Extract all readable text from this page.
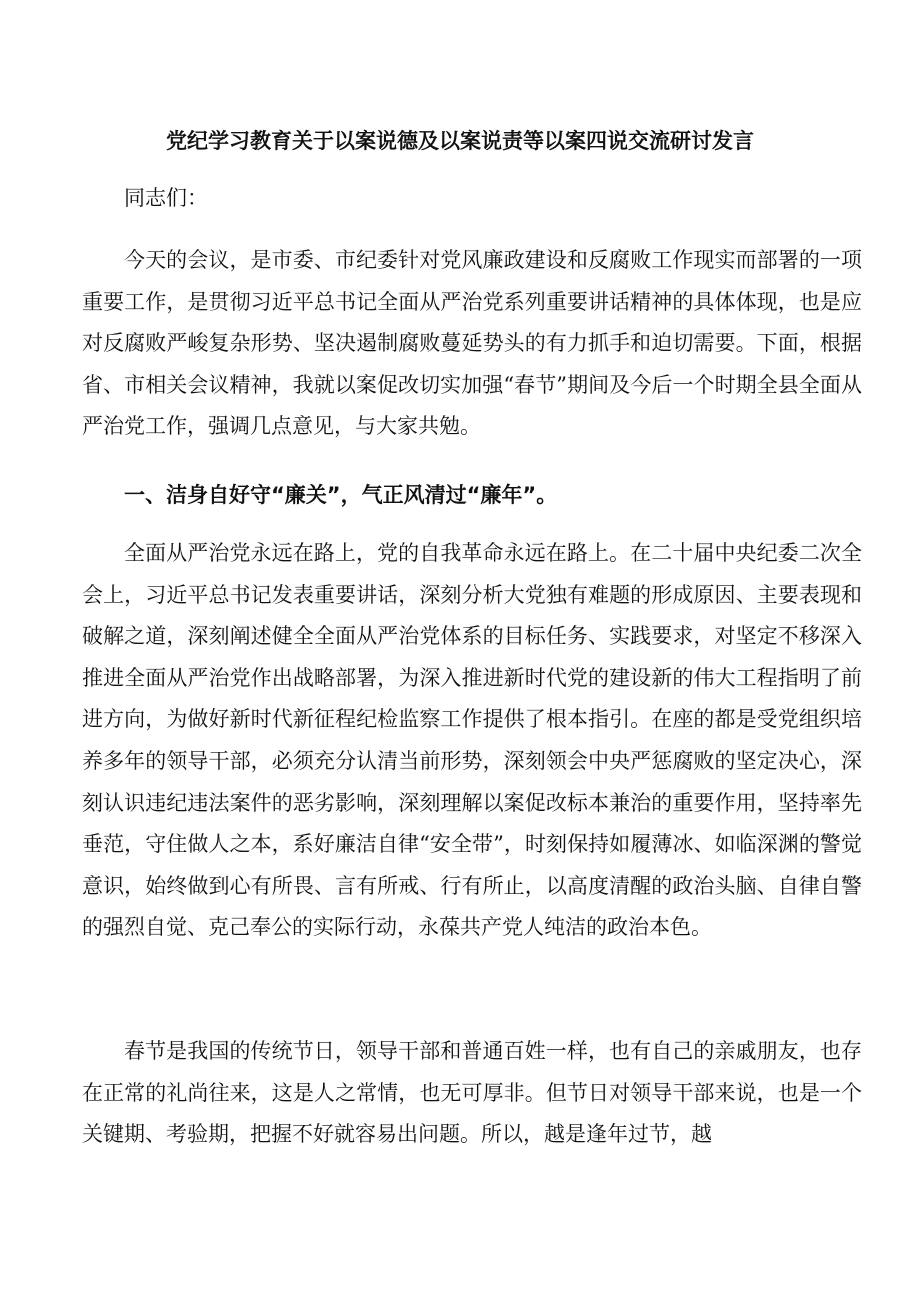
党纪学习教育关于以案说德及以案说责等以案四说交流研讨发言
同志们：

今天的会议，是市委、市纪委针对党风廉政建设和反腐败工作现实而部署的一项重要工作，是贯彻习近平总书记全面从严治党系列重要讲话精神的具体体现，也是应对反腐败严峻复杂形势、坚决遏制腐败蔓延势头的有力抓手和迫切需要。下面，根据省、市相关会议精神，我就以案促改切实加强“春节”期间及今后一个时期全县全面从严治党工作，强调几点意见，与大家共勉。

一、洁身自好守“廉关”，气正风清过“廉年”。

全面从严治党永远在路上，党的自我革命永远在路上。在二十届中央纪委二次全会上，习近平总书记发表重要讲话，深刻分析大党独有难题的形成原因、主要表现和破解之道，深刻阐述健全全面从严治党体系的目标任务、实践要求，对坚定不移深入推进全面从严治党作出战略部署，为深入推进新时代党的建设新的伟大工程指明了前进方向，为做好新时代新征程纪检监察工作提供了根本指引。在座的都是受党组织培养多年的领导干部，必须充分认清当前形势，深刻领会中央严惩腐败的坚定决心，深刻认识违纪违法案件的恶劣影响，深刻理解以案促改标本兼治的重要作用，坚持率先垂范，守住做人之本，系好廉洁自律“安全带”，时刻保持如履薄冰、如临深渊的警觉意识，始终做到心有所畏、言有所戒、行有所止，以高度清醒的政治头脑、自律自警的强烈自觉、克己奉公的实际行动，永葆共产党人纯洁的政治本色。

春节是我国的传统节日，领导干部和普通百姓一样，也有自己的亲戚朋友，也存在正常的礼尚往来，这是人之常情，也无可厚非。但节日对领导干部来说，也是一个关键期、考验期，把握不好就容易出问题。所以，越是逢年过节，越
